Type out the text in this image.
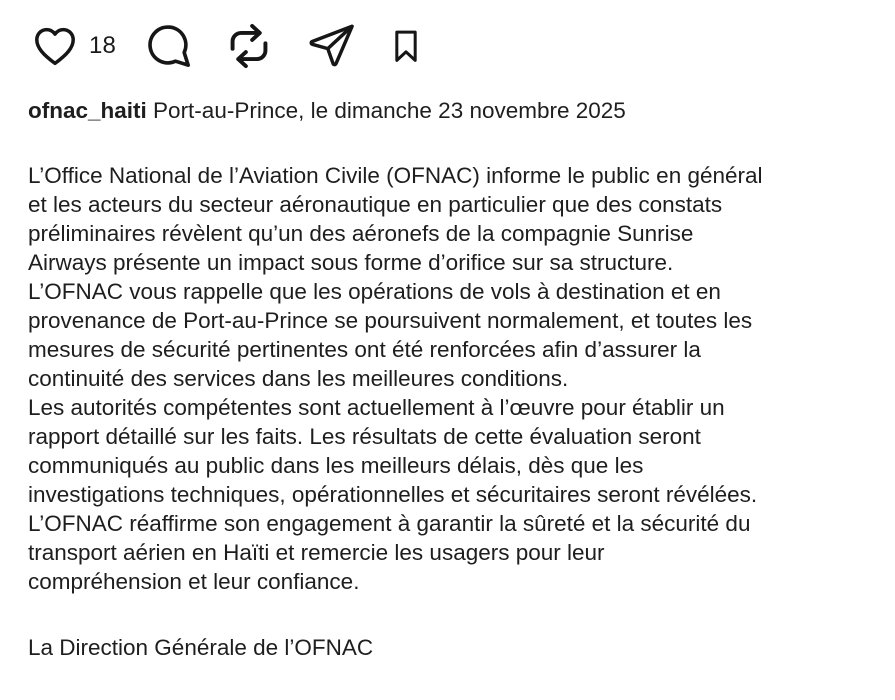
18
ofnac_haiti Port-au-Prince, le dimanche 23 novembre 2025

L’Office National de l’Aviation Civile (OFNAC) informe le public en général
et les acteurs du secteur aéronautique en particulier que des constats
préliminaires révèlent qu’un des aéronefs de la compagnie Sunrise
Airways présente un impact sous forme d’orifice sur sa structure.

L’OFNAC vous rappelle que les opérations de vols à destination et en
provenance de Port-au-Prince se poursuivent normalement, et toutes les
mesures de sécurité pertinentes ont été renforcées afin d’assurer la
continuité des services dans les meilleures conditions.

Les autorités compétentes sont actuellement à l’œuvre pour établir un
rapport détaillé sur les faits. Les résultats de cette évaluation seront
communiqués au public dans les meilleurs délais, dès que les
investigations techniques, opérationnelles et sécuritaires seront révélées.

L’OFNAC réaffirme son engagement à garantir la sûreté et la sécurité du
transport aérien en Haïti et remercie les usagers pour leur
compréhension et leur confiance.

La Direction Générale de l’OFNAC
